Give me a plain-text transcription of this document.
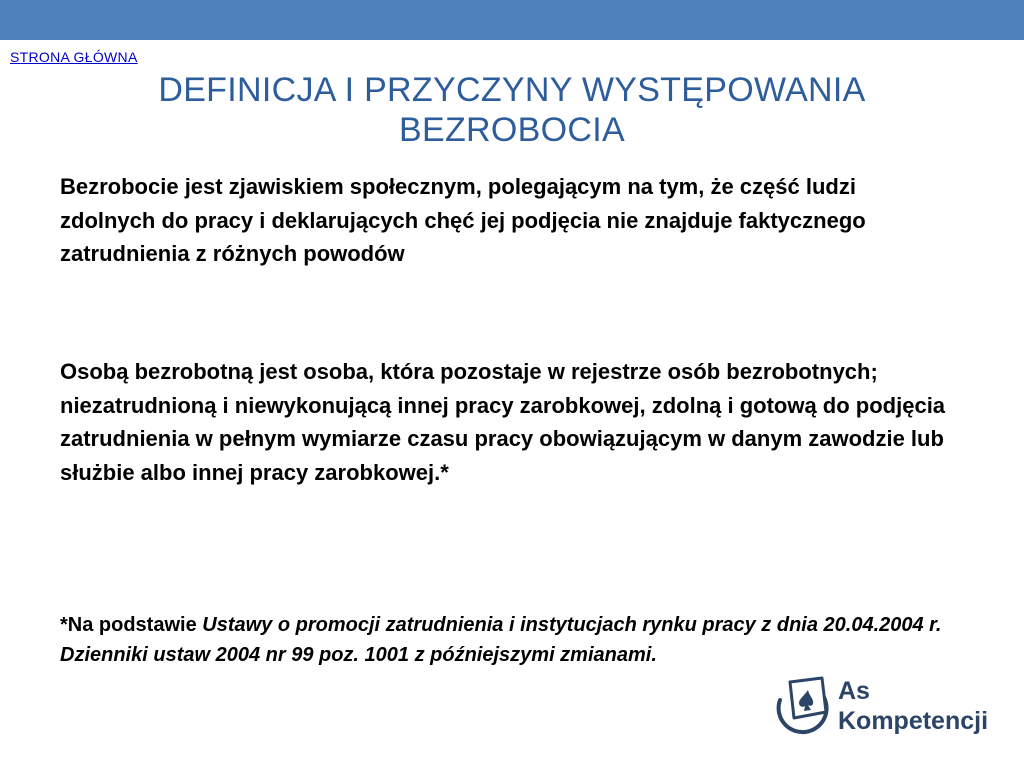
STRONA GŁÓWNA
DEFINICJA I PRZYCZYNY WYSTĘPOWANIA
BEZROBOCIA

Bezrobocie jest zjawiskiem społecznym, polegającym na tym, że część ludzi zdolnych do pracy i deklarujących chęć jej podjęcia nie znajduje faktycznego zatrudnienia z różnych powodów

Osobą bezrobotną jest osoba, która pozostaje w rejestrze osób bezrobotnych; niezatrudnioną i niewykonującą innej pracy zarobkowej, zdolną i gotową do podjęcia zatrudnienia w pełnym wymiarze czasu pracy obowiązującym w danym zawodzie lub służbie albo innej pracy zarobkowej.*

*Na podstawie Ustawy o promocji zatrudnienia i instytucjach rynku pracy z dnia 20.04.2004 r. Dzienniki ustaw 2004 nr 99 poz. 1001 z późniejszymi zmianami.

As
Kompetencji
